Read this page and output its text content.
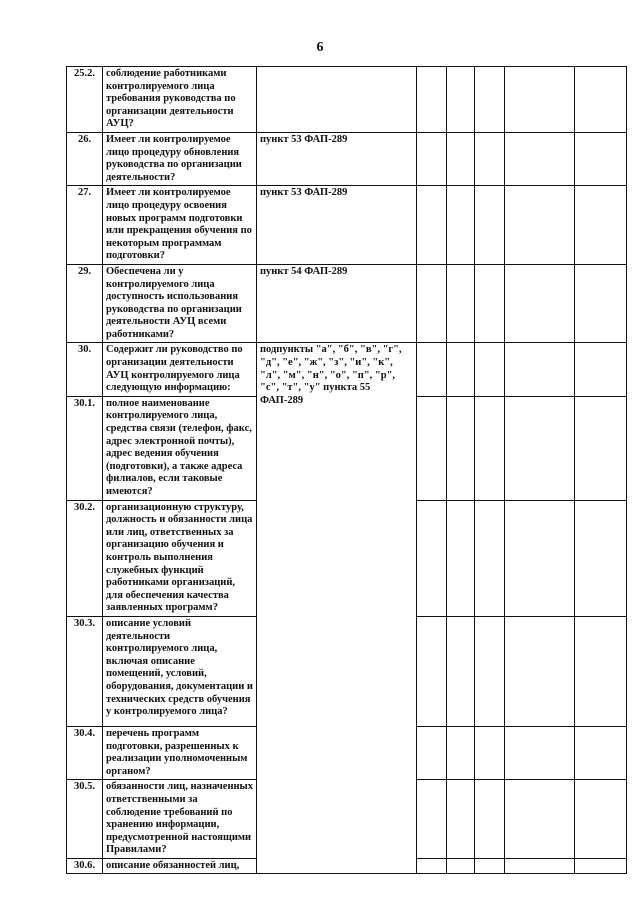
6
25.2.	соблюдение работниками контролируемого лица требования руководства по организации деятельности АУЦ?						
26.	Имеет ли контролируемое лицо процедуру обновления руководства по организации деятельности?	пункт 53 ФАП-289					
27.	Имеет ли контролируемое лицо процедуру освоения новых программ подготовки или прекращения обучения по некоторым программам подготовки?	пункт 53 ФАП-289					
29.	Обеспечена ли у контролируемого лица доступность использования руководства по организации деятельности АУЦ всеми работниками?	пункт 54 ФАП-289					
30.	Содержит ли руководство по организации деятельности АУЦ контролируемого лица следующую информацию:	подпункты "а", "б", "в", "г", "д", "е", "ж", "з", "и", "к", "л", "м", "н", "о", "п", "р", "с", "т", "у" пункта 55 ФАП-289					
30.1.	полное наименование контролируемого лица, средства связи (телефон, факс, адрес электронной почты), адрес ведения обучения (подготовки), а также адреса филиалов, если таковые имеются?						
30.2.	организационную структуру, должность и обязанности лица или лиц, ответственных за организацию обучения и контроль выполнения служебных функций работниками организаций, для обеспечения качества заявленных программ?						
30.3.	описание условий деятельности контролируемого лица, включая описание помещений, условий, оборудования, документации и технических средств обучения у контролируемого лица?						
30.4.	перечень программ подготовки, разрешенных к реализации уполномоченным органом?						
30.5.	обязанности лиц, назначенных ответственными за соблюдение требований по хранению информации, предусмотренной настоящими Правилами?						
30.6.	описание обязанностей лиц,						
